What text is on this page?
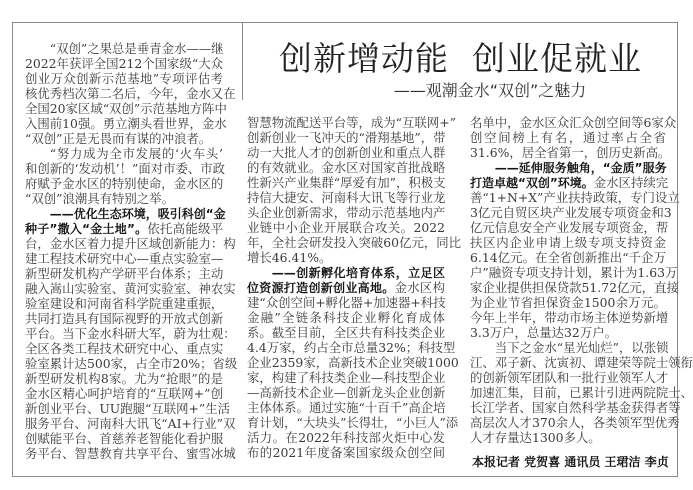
创新增动能  创业促就业
——观潮金水“双创”之魅力
“双创”之果总是垂青金水——继
2022年获评全国212个国家级“大众
创业万众创新示范基地”专项评估考
核优秀档次第二名后，今年，金水又在
全国20家区域“双创”示范基地方阵中
入围前10强。勇立潮头看世界，金水
“双创”正是无畏而有谋的冲浪者。
“努力成为全市发展的‘火车头’
和创新的‘发动机’！”面对市委、市政
府赋予金水区的特别使命，金水区的
“双创”浪潮具有特别之举。
——优化生态环境，吸引科创“金
种子”撒入“金土地”。依托高能级平
台，金水区着力提升区域创新能力：构
建工程技术研究中心—重点实验室—
新型研发机构产学研平台体系；主动
融入嵩山实验室、黄河实验室、神农实
验室建设和河南省科学院重建重振，
共同打造具有国际视野的开放式创新
平台。当下金水科研大军，蔚为壮观：
全区各类工程技术研究中心、重点实
验室累计达500家，占全市20%；省级
新型研发机构8家。尤为“抢眼”的是
金水区精心呵护培育的“互联网+”创
新创业平台、UU跑腿“互联网+”生活
服务平台、河南科大讯飞“AI+行业”双
创赋能平台、首慈养老智能化看护服
务平台、智慧教育共享平台、蜜雪冰城
智慧物流配送平台等，成为“互联网+”
创新创业一飞冲天的“滑翔基地”，带
动一大批人才的创新创业和重点人群
的有效就业。金水区对国家首批战略
性新兴产业集群“厚爱有加”，积极支
持信大捷安、河南科大讯飞等行业龙
头企业创新需求，带动示范基地内产
业链中小企业开展联合攻关。2022
年，全社会研发投入突破60亿元，同比
增长46.41%。
——创新孵化培育体系，立足区
位资源打造创新创业高地。金水区构
建“众创空间+孵化器+加速器+科技
金融”全链条科技企业孵化育成体
系。截至目前，全区共有科技类企业
4.4万家，约占全市总量32%；科技型
企业2359家，高新技术企业突破1000
家，构建了科技类企业—科技型企业
—高新技术企业—创新龙头企业创新
主体体系。通过实施“十百千”高企培
育计划，“大块头”长得壮，“小巨人”添
活力。在2022年科技部火炬中心发
布的2021年度备案国家级众创空间
名单中，金水区众汇众创空间等6家众
创空间榜上有名，通过率占全省
31.6%，居全省第一，创历史新高。
——延伸服务触角，“金质”服务
打造卓越“双创”环境。金水区持续完
善“1+N+X”产业扶持政策，专门设立
3亿元自贸区块产业发展专项资金和3
亿元信息安全产业发展专项资金，帮
扶区内企业申请上级专项支持资金
6.14亿元。在全省创新推出“千企万
户”融资专项支持计划，累计为1.63万
家企业提供担保贷款51.72亿元，直接
为企业节省担保资金1500余万元。
今年上半年，带动市场主体逆势新增
3.3万户，总量达32万户。
当下之金水“星光灿烂”，以张锁
江、邓子新、沈寅初、谭建荣等院士领衔
的创新领军团队和一批行业领军人才
加速汇集，目前，已累计引进两院院士、
长江学者、国家自然科学基金获得者等
高层次人才370余人，各类领军型优秀
人才存量达1300多人。
本报记者 党贺喜 通讯员 王珺洁 李贞
